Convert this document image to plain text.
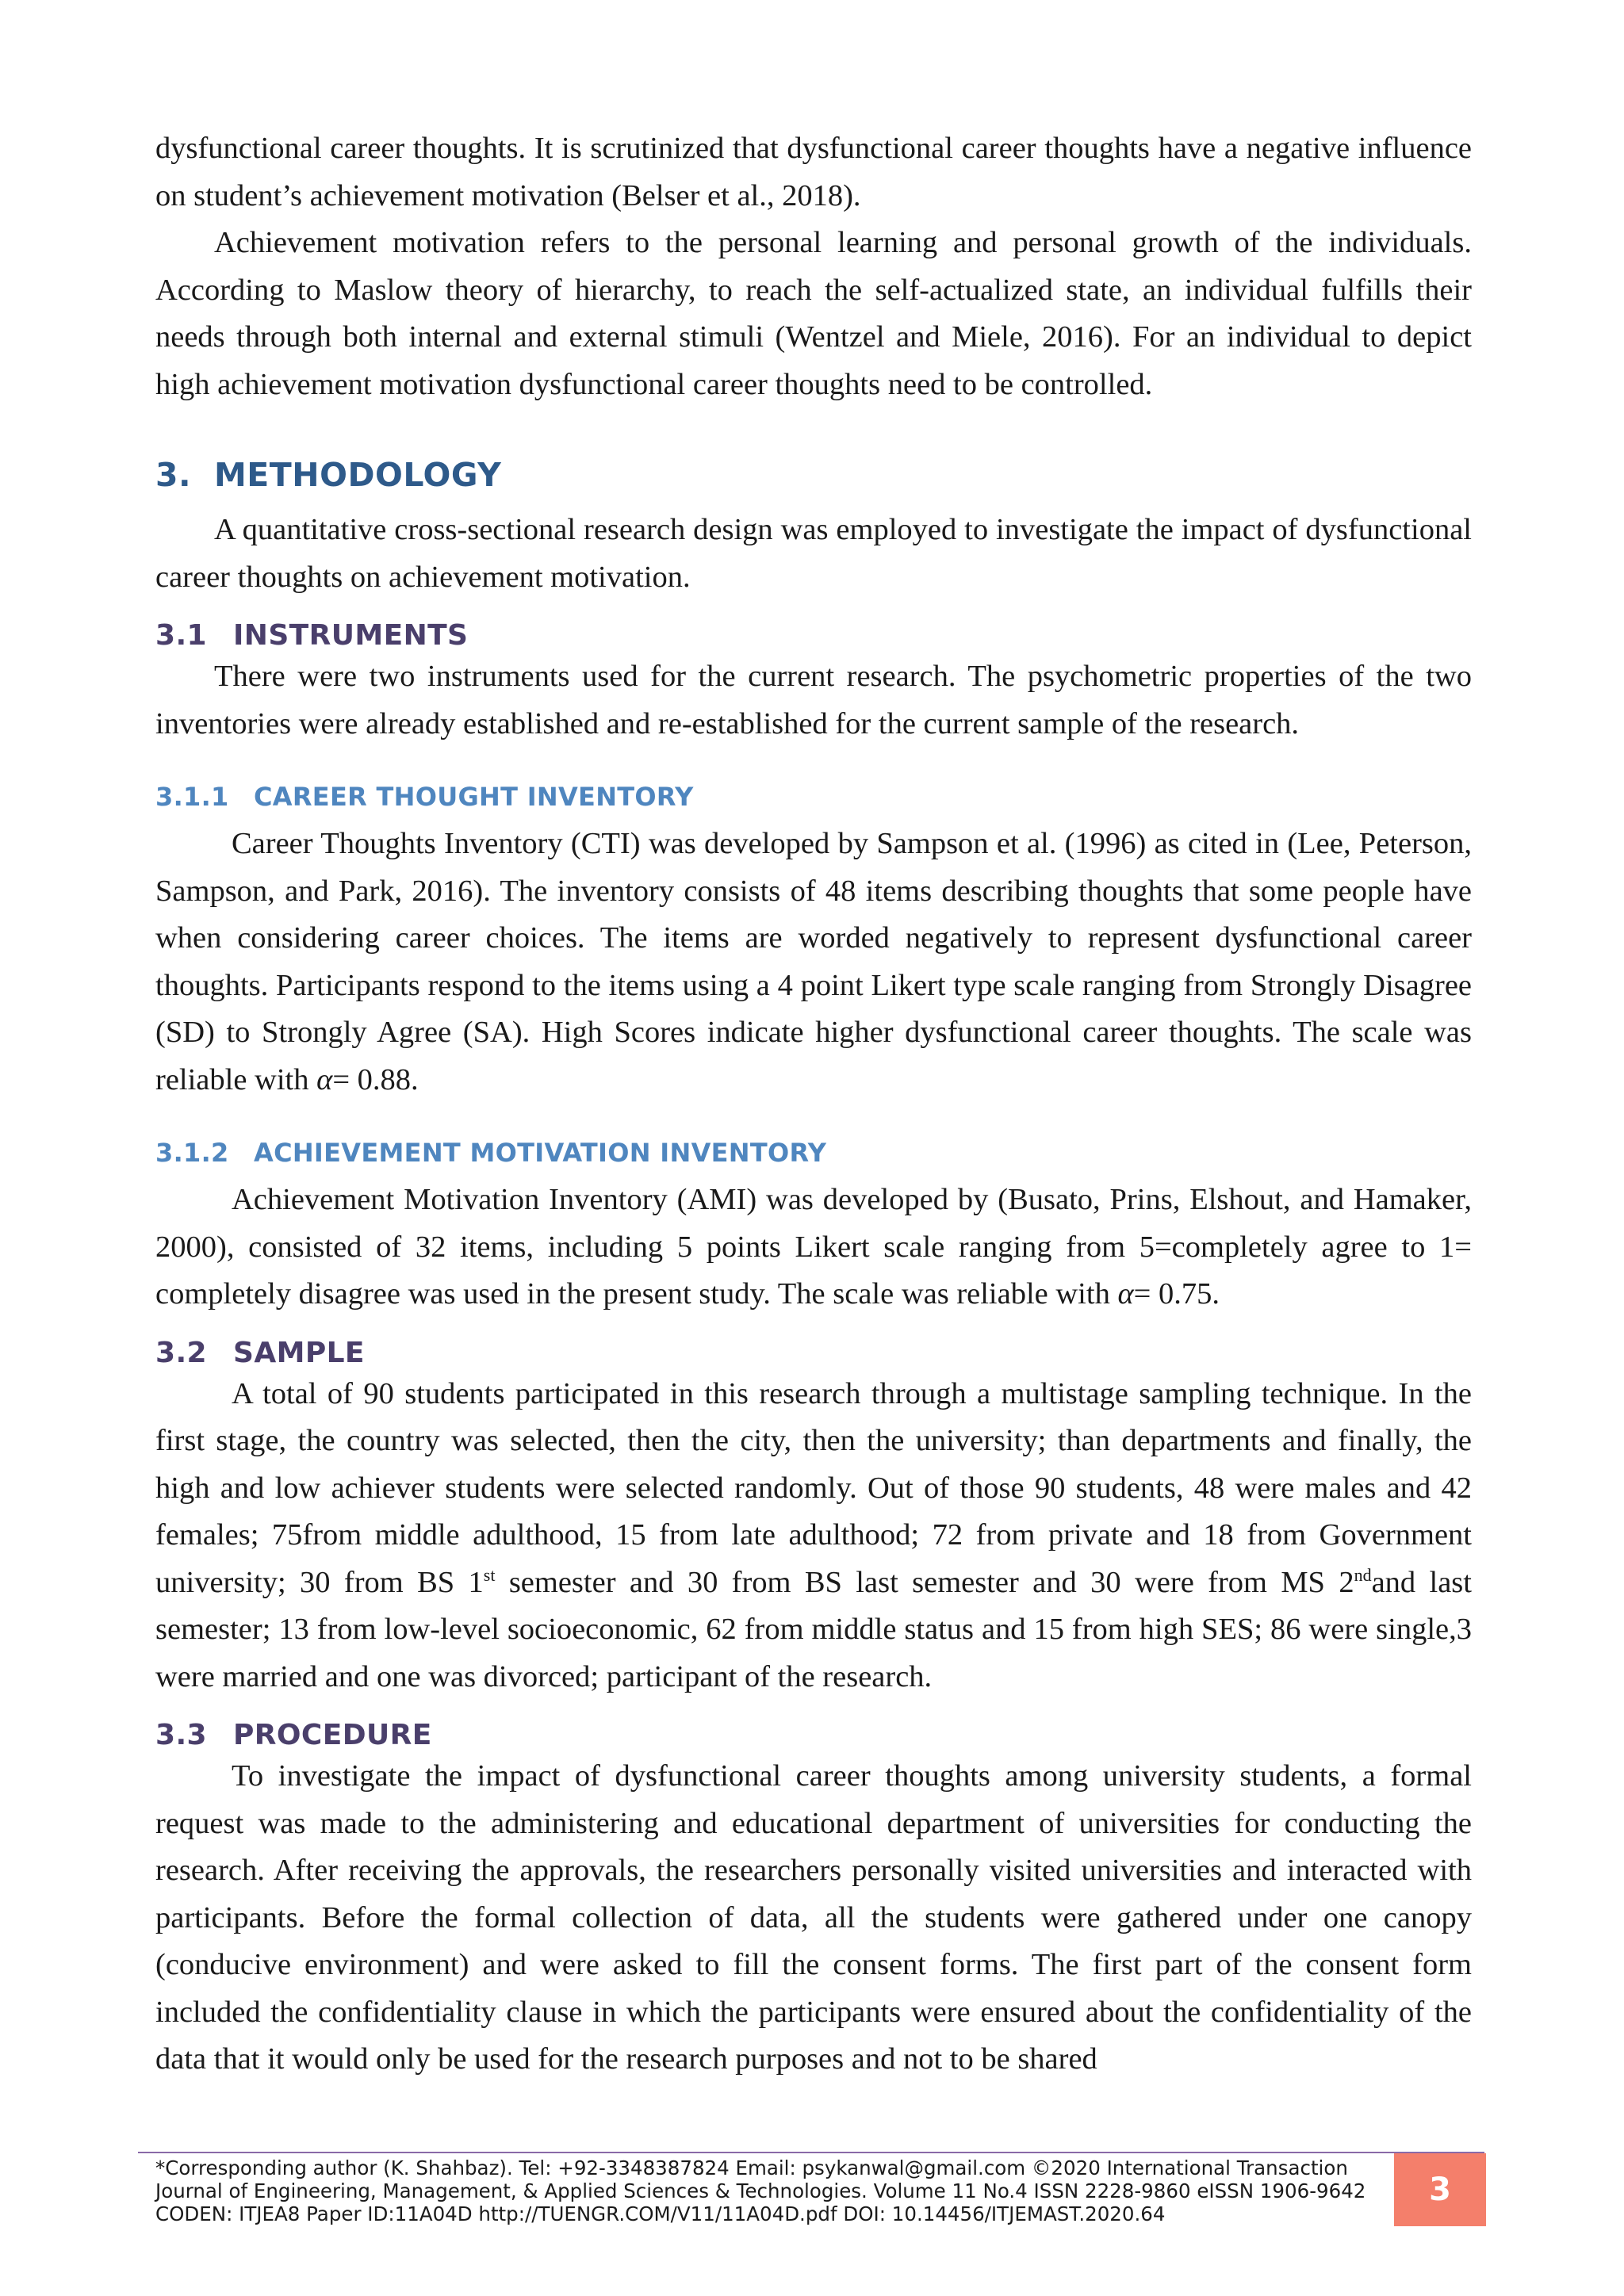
dysfunctional career thoughts. It is scrutinized that dysfunctional career thoughts have a negative influence on student’s achievement motivation (Belser et al., 2018).

Achievement motivation refers to the personal learning and personal growth of the individuals. According to Maslow theory of hierarchy, to reach the self-actualized state, an individual fulfills their needs through both internal and external stimuli (Wentzel and Miele, 2016). For an individual to depict high achievement motivation dysfunctional career thoughts need to be controlled.

3. METHODOLOGY

A quantitative cross-sectional research design was employed to investigate the impact of dysfunctional career thoughts on achievement motivation.

3.1 INSTRUMENTS

There were two instruments used for the current research. The psychometric properties of the two inventories were already established and re-established for the current sample of the research.

3.1.1 CAREER THOUGHT INVENTORY

Career Thoughts Inventory (CTI) was developed by Sampson et al. (1996) as cited in (Lee, Peterson, Sampson, and Park, 2016). The inventory consists of 48 items describing thoughts that some people have when considering career choices. The items are worded negatively to represent dysfunctional career thoughts. Participants respond to the items using a 4 point Likert type scale ranging from Strongly Disagree (SD) to Strongly Agree (SA). High Scores indicate higher dysfunctional career thoughts. The scale was reliable with α= 0.88.

3.1.2 ACHIEVEMENT MOTIVATION INVENTORY

Achievement Motivation Inventory (AMI) was developed by (Busato, Prins, Elshout, and Hamaker, 2000), consisted of 32 items, including 5 points Likert scale ranging from 5=completely agree to 1= completely disagree was used in the present study. The scale was reliable with α= 0.75.

3.2 SAMPLE

A total of 90 students participated in this research through a multistage sampling technique. In the first stage, the country was selected, then the city, then the university; than departments and finally, the high and low achiever students were selected randomly. Out of those 90 students, 48 were males and 42 females; 75from middle adulthood, 15 from late adulthood; 72 from private and 18 from Government university; 30 from BS 1st semester and 30 from BS last semester and 30 were from MS 2ndand last semester; 13 from low-level socioeconomic, 62 from middle status and 15 from high SES; 86 were single,3 were married and one was divorced; participant of the research.

3.3 PROCEDURE

To investigate the impact of dysfunctional career thoughts among university students, a formal request was made to the administering and educational department of universities for conducting the research. After receiving the approvals, the researchers personally visited universities and interacted with participants. Before the formal collection of data, all the students were gathered under one canopy (conducive environment) and were asked to fill the consent forms. The first part of the consent form included the confidentiality clause in which the participants were ensured about the confidentiality of the data that it would only be used for the research purposes and not to be shared

*Corresponding author (K. Shahbaz). Tel: +92-3348387824 Email: psykanwal@gmail.com ©2020 International Transaction
Journal of Engineering, Management, & Applied Sciences & Technologies. Volume 11 No.4 ISSN 2228-9860 eISSN 1906-9642
CODEN: ITJEA8 Paper ID:11A04D http://TUENGR.COM/V11/11A04D.pdf DOI: 10.14456/ITJEMAST.2020.64
3
